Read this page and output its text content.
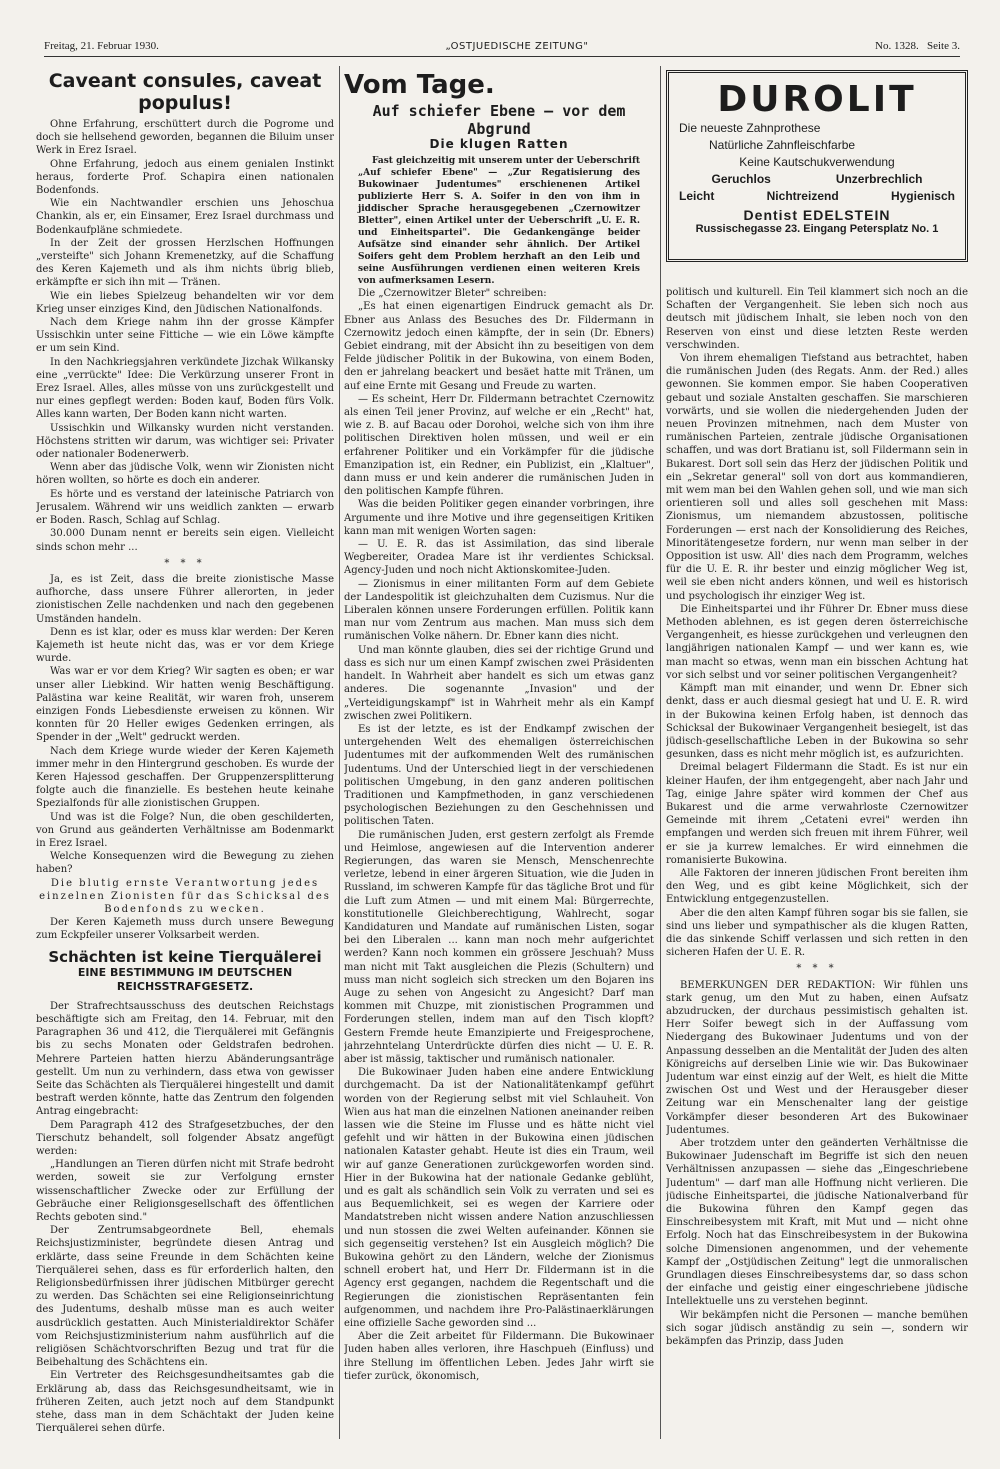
Freitag, 21. Februar 1930.	„OSTJUEDISCHE ZEITUNG"	No. 1328. Seite 3.
Caveant consules, caveat populus!

Ohne Erfahrung, erschüttert durch die Pogrome und doch sie hellsehend geworden, begannen die Biluim unser Werk in Erez Israel.

Ohne Erfahrung, jedoch aus einem genialen Instinkt heraus, forderte Prof. Schapira einen nationalen Bodenfonds.

Wie ein Nachtwandler erschien uns Jehoschua Chankin, als er, ein Einsamer, Erez Israel durchmass und Bodenkaufpläne schmiedete.

In der Zeit der grossen Herzlschen Hoffnungen „versteifte" sich Johann Kremenetzky, auf die Schaffung des Keren Kajemeth und als ihm nichts übrig blieb, erkämpfte er sich ihn mit — Tränen.

Wie ein liebes Spielzeug behandelten wir vor dem Krieg unser einziges Kind, den Jüdischen Nationalfonds.

Nach dem Kriege nahm ihn der grosse Kämpfer Ussischkin unter seine Fittiche — wie ein Löwe kämpfte er um sein Kind.

In den Nachkriegsjahren verkündete Jizchak Wilkansky eine „verrückte" Idee: Die Verkürzung unserer Front in Erez Israel. Alles, alles müsse von uns zurückgestellt und nur eines gepflegt werden: Boden kauf, Boden fürs Volk. Alles kann warten, Der Boden kann nicht warten.

Ussischkin und Wilkansky wurden nicht verstanden. Höchstens stritten wir darum, was wichtiger sei: Privater oder nationaler Bodenerwerb.

Wenn aber das jüdische Volk, wenn wir Zionisten nicht hören wollten, so hörte es doch ein anderer.

Es hörte und es verstand der lateinische Patriarch von Jerusalem. Während wir uns weidlich zankten — erwarb er Boden. Rasch, Schlag auf Schlag.

30.000 Dunam nennt er bereits sein eigen. Vielleicht sinds schon mehr ...

* * *

Ja, es ist Zeit, dass die breite zionistische Masse aufhorche, dass unsere Führer allerorten, in jeder zionistischen Zelle nachdenken und nach den gegebenen Umständen handeln.

Denn es ist klar, oder es muss klar werden: Der Keren Kajemeth ist heute nicht das, was er vor dem Kriege wurde.

Was war er vor dem Krieg? Wir sagten es oben; er war unser aller Liebkind. Wir hatten wenig Beschäftigung. Palästina war keine Realität, wir waren froh, unserem einzigen Fonds Liebesdienste erweisen zu können. Wir konnten für 20 Heller ewiges Gedenken erringen, als Spender in der „Welt" gedruckt werden.

Nach dem Kriege wurde wieder der Keren Kajemeth immer mehr in den Hintergrund geschoben. Es wurde der Keren Hajessod geschaffen. Der Gruppenzersplitterung folgte auch die finanzielle. Es bestehen heute keinahe Spezialfonds für alle zionistischen Gruppen.

Und was ist die Folge? Nun, die oben geschilderten, von Grund aus geänderten Verhältnisse am Bodenmarkt in Erez Israel.

Welche Konsequenzen wird die Bewegung zu ziehen haben?

Die blutig ernste Verantwortung jedes einzelnen Zionisten für das Schicksal des Bodenfonds zu wecken.

Der Keren Kajemeth muss durch unsere Bewegung zum Eckpfeiler unserer Volksarbeit werden.

Schächten ist keine Tierquälerei
EINE BESTIMMUNG IM DEUTSCHEN REICHSSTRAFGESETZ.

Der Strafrechtsausschuss des deutschen Reichstags beschäftigte sich am Freitag, den 14. Februar, mit den Paragraphen 36 und 412, die Tierquälerei mit Gefängnis bis zu sechs Monaten oder Geldstrafen bedrohen. Mehrere Parteien hatten hierzu Abänderungsanträge gestellt. Um nun zu verhindern, dass etwa von gewisser Seite das Schächten als Tierquälerei hingestellt und damit bestraft werden könnte, hatte das Zentrum den folgenden Antrag eingebracht:

Dem Paragraph 412 des Strafgesetzbuches, der den Tierschutz behandelt, soll folgender Absatz angefügt werden:

„Handlungen an Tieren dürfen nicht mit Strafe bedroht werden, soweit sie zur Verfolgung ernster wissenschaftlicher Zwecke oder zur Erfüllung der Gebräuche einer Religionsgesellschaft des öffentlichen Rechts geboten sind."

Der Zentrumsabgeordnete Bell, ehemals Reichsjustizminister, begründete diesen Antrag und erklärte, dass seine Freunde in dem Schächten keine Tierquälerei sehen, dass es für erforderlich halten, den Religionsbedürfnissen ihrer jüdischen Mitbürger gerecht zu werden. Das Schächten sei eine Religionseinrichtung des Judentums, deshalb müsse man es auch weiter ausdrücklich gestatten. Auch Ministerialdirektor Schäfer vom Reichsjustizministerium nahm ausführlich auf die religiösen Schächtvorschriften Bezug und trat für die Beibehaltung des Schächtens ein.

Ein Vertreter des Reichsgesundheitsamtes gab die Erklärung ab, dass das Reichsgesundheitsamt, wie in früheren Zeiten, auch jetzt noch auf dem Standpunkt stehe, dass man in dem Schächtakt der Juden keine Tierquälerei sehen dürfe.

Vom Tage.
Auf schiefer Ebene — vor dem Abgrund
Die klugen Ratten

Fast gleichzeitig mit unserem unter der Ueberschrift „Auf schiefer Ebene" — „Zur Regatisierung des Bukowinaer Judentumes" erschienenen Artikel publizierte Herr S. A. Soifer in den von ihm in jiddischer Sprache herausgegebenen „Czernowitzer Bletter", einen Artikel unter der Ueberschrift „U. E. R. und Einheitspartei". Die Gedankengänge beider Aufsätze sind einander sehr ähnlich. Der Artikel Soifers geht dem Problem herzhaft an den Leib und seine Ausführungen verdienen einen weiteren Kreis von aufmerksamen Lesern.

Die „Czernowitzer Bleter" schreiben:

„Es hat einen eigenartigen Eindruck gemacht als Dr. Ebner aus Anlass des Besuches des Dr. Fildermann in Czernowitz jedoch einen kämpfte, der in sein (Dr. Ebners) Gebiet eindrang, mit der Absicht ihn zu beseitigen von dem Felde jüdischer Politik in der Bukowina, von einem Boden, den er jahrelang beackert und besäet hatte mit Tränen, um auf eine Ernte mit Gesang und Freude zu warten.

— Es scheint, Herr Dr. Fildermann betrachtet Czernowitz als einen Teil jener Provinz, auf welche er ein „Recht" hat, wie z. B. auf Bacau oder Dorohoi, welche sich von ihm ihre politischen Direktiven holen müssen, und weil er ein erfahrener Politiker und ein Vorkämpfer für die jüdische Emanzipation ist, ein Redner, ein Publizist, ein „Klaltuer", dann muss er und kein anderer die rumänischen Juden in den politischen Kampfe führen.

Was die beiden Politiker gegen einander vorbringen, ihre Argumente und ihre Motive und ihre gegenseitigen Kritiken kann man mit wenigen Worten sagen:

— U. E. R. das ist Assimilation, das sind liberale Wegbereiter, Oradea Mare ist ihr verdientes Schicksal. Agency-Juden und noch nicht Aktionskomitee-Juden.

— Zionismus in einer militanten Form auf dem Gebiete der Landespolitik ist gleichzuhalten dem Cuzismus. Nur die Liberalen können unsere Forderungen erfüllen. Politik kann man nur vom Zentrum aus machen. Man muss sich dem rumänischen Volke nähern. Dr. Ebner kann dies nicht.

Und man könnte glauben, dies sei der richtige Grund und dass es sich nur um einen Kampf zwischen zwei Präsidenten handelt. In Wahrheit aber handelt es sich um etwas ganz anderes. Die sogenannte „Invasion" und der „Verteidigungskampf" ist in Wahrheit mehr als ein Kampf zwischen zwei Politikern.

Es ist der letzte, es ist der Endkampf zwischen der untergehenden Welt des ehemaligen österreichischen Judentumes mit der aufkommenden Welt des rumänischen Judentums. Und der Unterschied liegt in der verschiedenen politischen Umgebung, in den ganz anderen politischen Traditionen und Kampfmethoden, in ganz verschiedenen psychologischen Beziehungen zu den Geschehnissen und politischen Taten.

Die rumänischen Juden, erst gestern zerfolgt als Fremde und Heimlose, angewiesen auf die Intervention anderer Regierungen, das waren sie Mensch, Menschenrechte verletze, lebend in einer ärgeren Situation, wie die Juden in Russland, im schweren Kampfe für das tägliche Brot und für die Luft zum Atmen — und mit einem Mal: Bürgerrechte, konstitutionelle Gleichberechtigung, Wahlrecht, sogar Kandidaturen und Mandate auf rumänischen Listen, sogar bei den Liberalen ... kann man noch mehr aufgerichtet werden? Kann noch kommen ein grössere Jeschuah? Muss man nicht mit Takt ausgleichen die Plezis (Schultern) und muss man nicht sogleich sich strecken um den Bojaren ins Auge zu sehen von Angesicht zu Angesicht? Darf man kommen mit Chuzpe, mit zionistischen Programmen und Forderungen stellen, indem man auf den Tisch klopft? Gestern Fremde heute Emanzipierte und Freigesprochene, jahrzehntelang Unterdrückte dürfen dies nicht — U. E. R. aber ist mässig, taktischer und rumänisch nationaler.

Die Bukowinaer Juden haben eine andere Entwicklung durchgemacht. Da ist der Nationalitätenkampf geführt worden von der Regierung selbst mit viel Schlauheit. Von Wien aus hat man die einzelnen Nationen aneinander reiben lassen wie die Steine im Flusse und es hätte nicht viel gefehlt und wir hätten in der Bukowina einen jüdischen nationalen Kataster gehabt. Heute ist dies ein Traum, weil wir auf ganze Generationen zurückgeworfen worden sind. Hier in der Bukowina hat der nationale Gedanke geblüht, und es galt als schändlich sein Volk zu verraten und sei es aus Bequemlichkeit, sei es wegen der Karriere oder Mandatstreben nicht wissen andere Nation anzuschliessen und nun stossen die zwei Welten aufeinander. Können sie sich gegenseitig verstehen? Ist ein Ausgleich möglich? Die Bukowina gehört zu den Ländern, welche der Zionismus schnell erobert hat, und Herr Dr. Fildermann ist in die Agency erst gegangen, nachdem die Regentschaft und die Regierungen die zionistischen Repräsentanten fein aufgenommen, und nachdem ihre Pro-Palästinaerklärungen eine offizielle Sache geworden sind ...

Aber die Zeit arbeitet für Fildermann. Die Bukowinaer Juden haben alles verloren, ihre Haschpueh (Einfluss) und ihre Stellung im öffentlichen Leben. Jedes Jahr wirft sie tiefer zurück, ökonomisch,

DUROLIT
Die neueste Zahnprothese
Natürliche Zahnfleischfarbe
Keine Kautschukverwendung
Geruchlos	Unzerbrechlich
Leicht	Nichtreizend	Hygienisch
Dentist EDELSTEIN
Russischegasse 23. Eingang Petersplatz No. 1

politisch und kulturell. Ein Teil klammert sich noch an die Schaften der Vergangenheit. Sie leben sich noch aus deutsch mit jüdischem Inhalt, sie leben noch von den Reserven von einst und diese letzten Reste werden verschwinden.

Von ihrem ehemaligen Tiefstand aus betrachtet, haben die rumänischen Juden (des Regats. Anm. der Red.) alles gewonnen. Sie kommen empor. Sie haben Cooperativen gebaut und soziale Anstalten geschaffen. Sie marschieren vorwärts, und sie wollen die niedergehenden Juden der neuen Provinzen mitnehmen, nach dem Muster von rumänischen Parteien, zentrale jüdische Organisationen schaffen, und was dort Bratianu ist, soll Fildermann sein in Bukarest. Dort soll sein das Herz der jüdischen Politik und ein „Sekretar general" soll von dort aus kommandieren, mit wem man bei den Wahlen gehen soll, und wie man sich orientieren soll und alles soll geschehen mit Mass: Zionismus, um niemandem abzustossen, politische Forderungen — erst nach der Konsolidierung des Reiches, Minoritätengesetze fordern, nur wenn man selber in der Opposition ist usw. All' dies nach dem Programm, welches für die U. E. R. ihr bester und einzig möglicher Weg ist, weil sie eben nicht anders können, und weil es historisch und psychologisch ihr einziger Weg ist.

Die Einheitspartei und ihr Führer Dr. Ebner muss diese Methoden ablehnen, es ist gegen deren österreichische Vergangenheit, es hiesse zurückgehen und verleugnen den langjährigen nationalen Kampf — und wer kann es, wie man macht so etwas, wenn man ein bisschen Achtung hat vor sich selbst und vor seiner politischen Vergangenheit?

Kämpft man mit einander, und wenn Dr. Ebner sich denkt, dass er auch diesmal gesiegt hat und U. E. R. wird in der Bukowina keinen Erfolg haben, ist dennoch das Schicksal der Bukowinaer Vergangenheit besiegelt, ist das jüdisch-gesellschaftliche Leben in der Bukowina so sehr gesunken, dass es nicht mehr möglich ist, es aufzurichten.

Dreimal belagert Fildermann die Stadt. Es ist nur ein kleiner Haufen, der ihm entgegengeht, aber nach Jahr und Tag, einige Jahre später wird kommen der Chef aus Bukarest und die arme verwahrloste Czernowitzer Gemeinde mit ihrem „Cetateni evrei" werden ihn empfangen und werden sich freuen mit ihrem Führer, weil er sie ja kurrew lemalches. Er wird einnehmen die romanisierte Bukowina.

Alle Faktoren der inneren jüdischen Front bereiten ihm den Weg, und es gibt keine Möglichkeit, sich der Entwicklung entgegenzustellen.

Aber die den alten Kampf führen sogar bis sie fallen, sie sind uns lieber und sympathischer als die klugen Ratten, die das sinkende Schiff verlassen und sich retten in den sicheren Hafen der U. E. R.

* * *

BEMERKUNGEN DER REDAKTION: Wir fühlen uns stark genug, um den Mut zu haben, einen Aufsatz abzudrucken, der durchaus pessimistisch gehalten ist. Herr Soifer bewegt sich in der Auffassung vom Niedergang des Bukowinaer Judentums und von der Anpassung desselben an die Mentalität der Juden des alten Königreichs auf derselben Linie wie wir. Das Bukowinaer Judentum war einst einzig auf der Welt, es hielt die Mitte zwischen Ost und West und der Herausgeber dieser Zeitung war ein Menschenalter lang der geistige Vorkämpfer dieser besonderen Art des Bukowinaer Judentumes.

Aber trotzdem unter den geänderten Verhältnisse die Bukowinaer Judenschaft im Begriffe ist sich den neuen Verhältnissen anzupassen — siehe das „Eingeschriebene Judentum" — darf man alle Hoffnung nicht verlieren. Die jüdische Einheitspartei, die jüdische Nationalverband für die Bukowina führen den Kampf gegen das Einschreibesystem mit Kraft, mit Mut und — nicht ohne Erfolg. Noch hat das Einschreibesystem in der Bukowina solche Dimensionen angenommen, und der vehemente Kampf der „Ostjüdischen Zeitung" legt die unmoralischen Grundlagen dieses Einschreibesystems dar, so dass schon der einfache und geistig einer eingeschriebene jüdische Intellektuelle uns zu verstehen beginnt.

Wir bekämpfen nicht die Personen — manche bemühen sich sogar jüdisch anständig zu sein —, sondern wir bekämpfen das Prinzip, dass Juden
